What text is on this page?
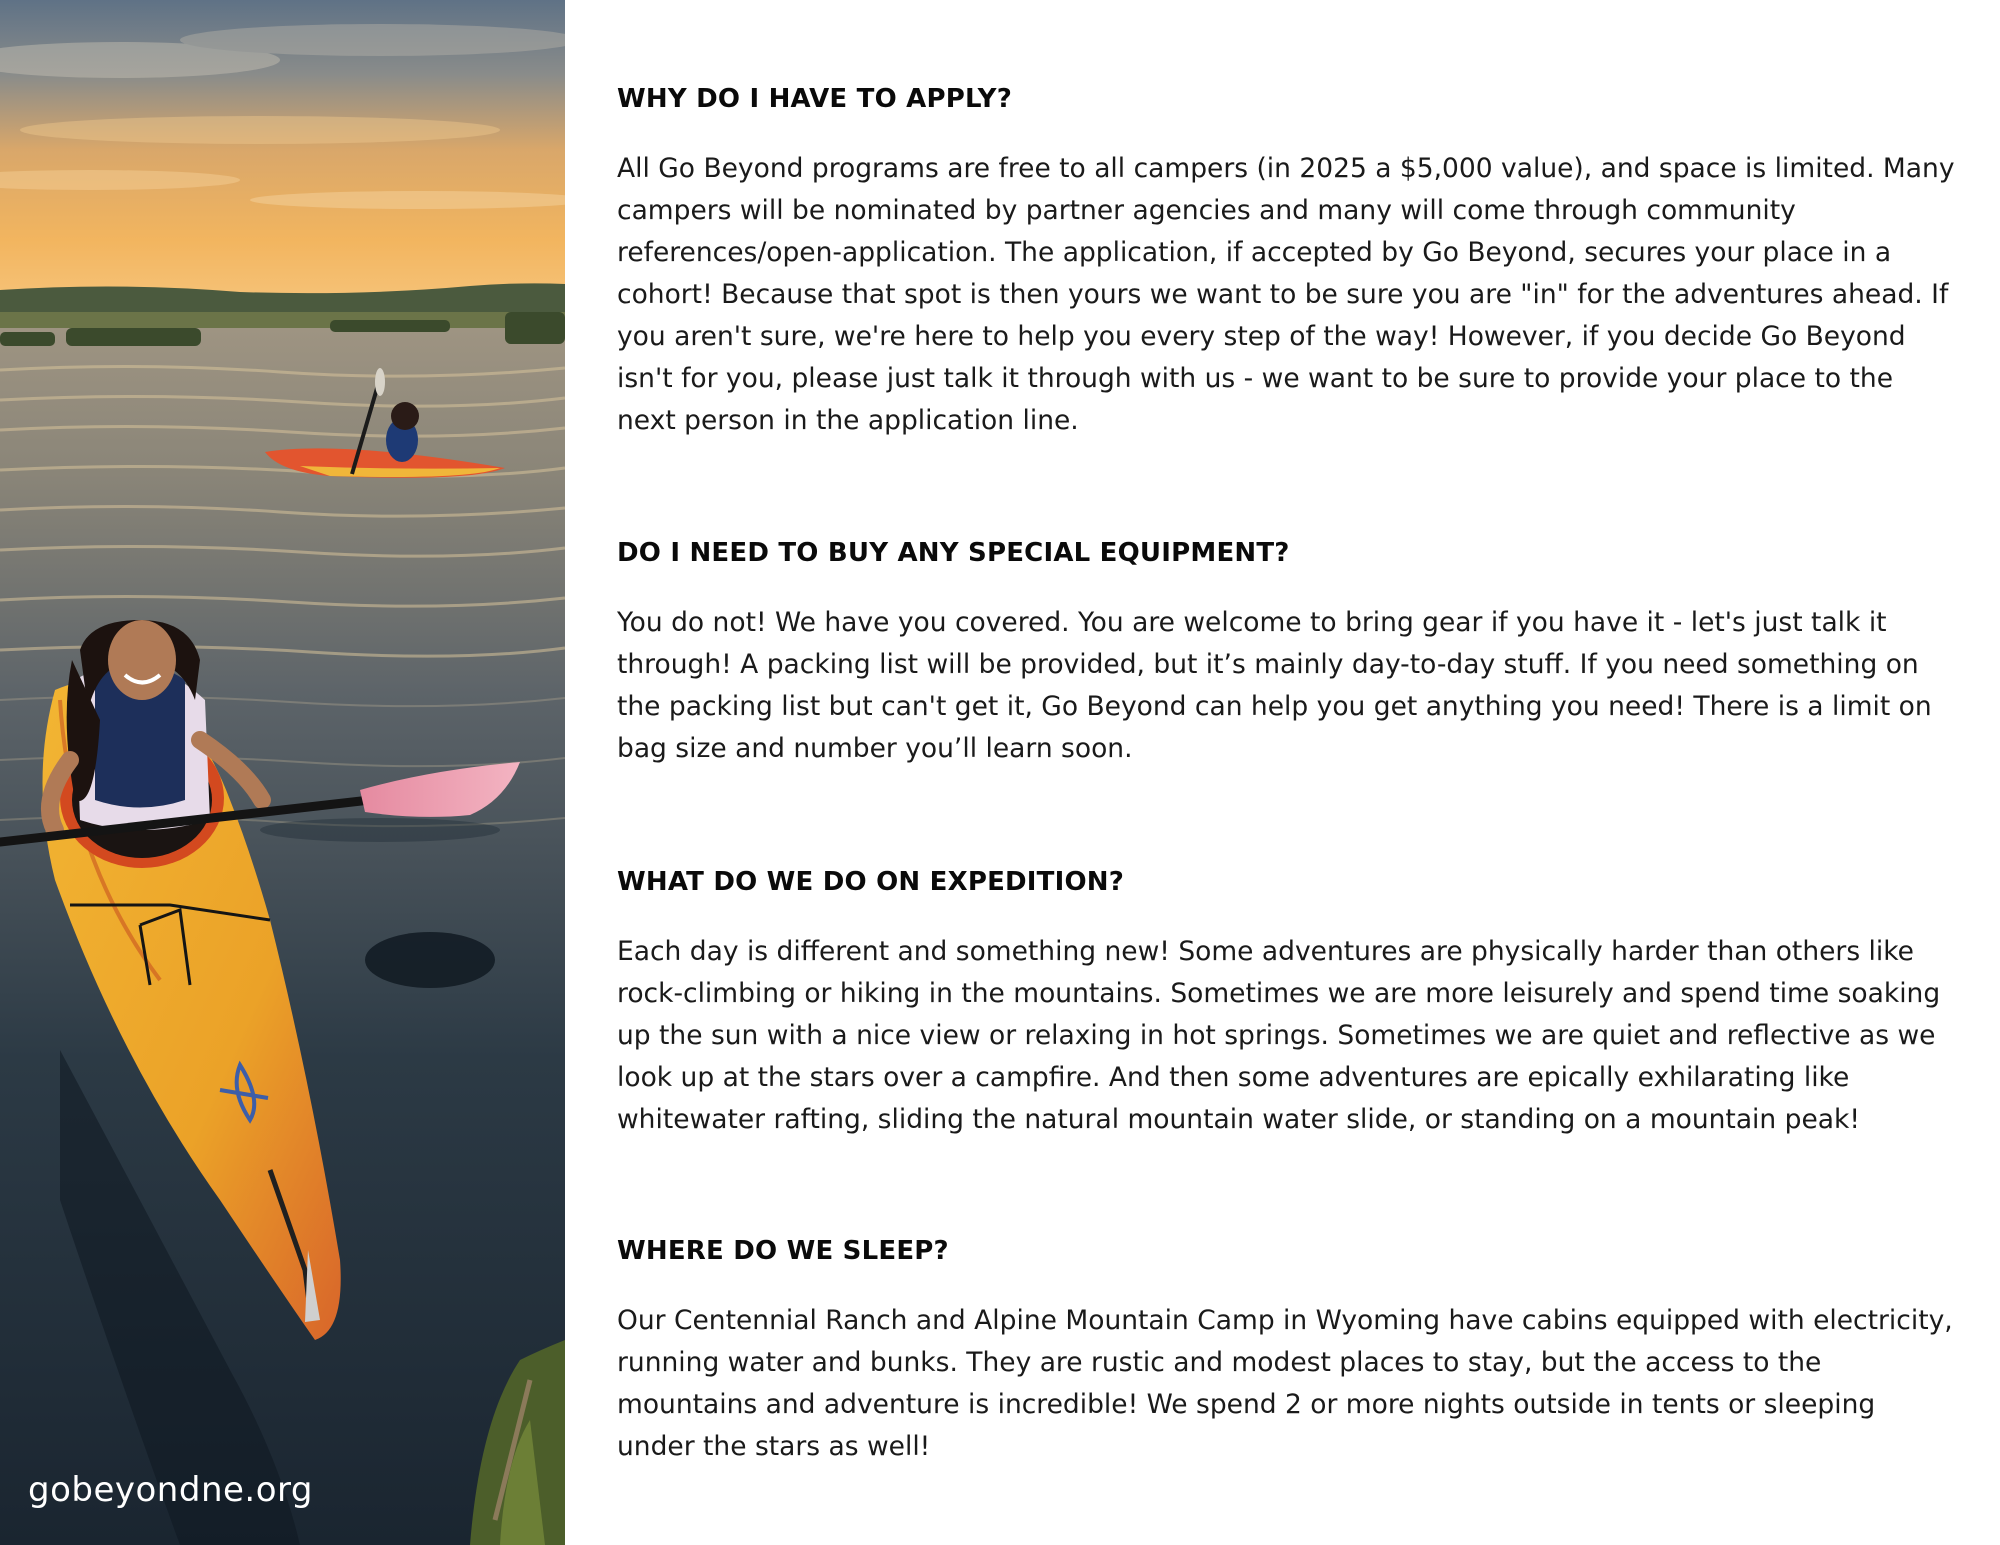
gobeyondne.org
WHY DO I HAVE TO APPLY?

All Go Beyond programs are free to all campers (in 2025 a $5,000 value), and space is limited. Many campers will be nominated by partner agencies and many will come through community references/open-application. The application, if accepted by Go Beyond, secures your place in a cohort! Because that spot is then yours we want to be sure you are "in" for the adventures ahead. If you aren't sure, we're here to help you every step of the way! However, if you decide Go Beyond isn't for you, please just talk it through with us - we want to be sure to provide your place to the next person in the application line.

DO I NEED TO BUY ANY SPECIAL EQUIPMENT?

You do not! We have you covered. You are welcome to bring gear if you have it - let's just talk it through! A packing list will be provided, but it’s mainly day-to-day stuff. If you need something on the packing list but can't get it, Go Beyond can help you get anything you need! There is a limit on bag size and number you’ll learn soon.

WHAT DO WE DO ON EXPEDITION?

Each day is different and something new! Some adventures are physically harder than others like rock-climbing or hiking in the mountains. Sometimes we are more leisurely and spend time soaking up the sun with a nice view or relaxing in hot springs. Sometimes we are quiet and reflective as we look up at the stars over a campfire. And then some adventures are epically exhilarating like whitewater rafting, sliding the natural mountain water slide, or standing on a mountain peak!

WHERE DO WE SLEEP?

Our Centennial Ranch and Alpine Mountain Camp in Wyoming have cabins equipped with electricity, running water and bunks. They are rustic and modest places to stay, but the access to the mountains and adventure is incredible! We spend 2 or more nights outside in tents or sleeping under the stars as well!
